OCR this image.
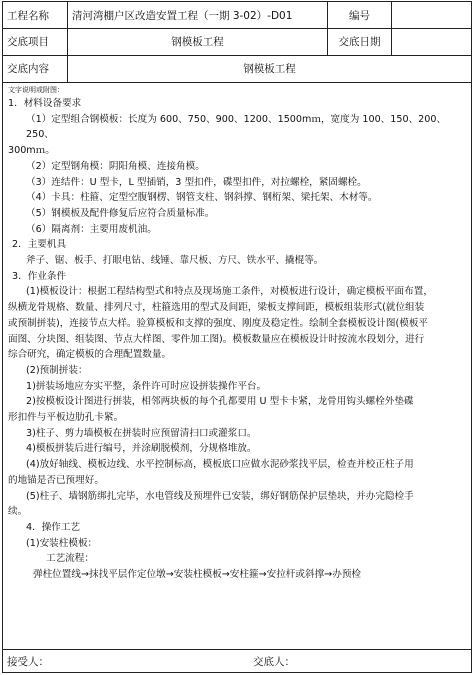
工程名称	清河湾棚户区改造安置工程（一期 3-02）-D01	编号
交底项目	钢模板工程	交底日期
交底内容	钢模板工程
文字说明或附图：

1．材料设备要求

（1）定型组合钢模板：长度为 600、750、900、1200、1500mｍ，宽度为 100、150、200、250、

300mｍ。

（2）定型钢角模：阴阳角模、连接角模。

（3）连结件：U 型卡，L 型插销，3 型扣件，碟型扣件，对拉螺栓，紧固螺栓。

（4）卡具：柱箍、定型空腹钢楞、钢管支柱、钢斜撑、钢桁架、梁托架、木材等。

（5）钢模板及配件修复后应符合质量标准。

（6）隔离剂：主要用废机油。

2．主要机具

斧子、锯、板手、打眼电钻、线锤、靠尺板、方尺、铁水平、撬棍等。

3．作业条件

(1)模板设计：根据工程结构型式和特点及现场施工条件，对模板进行设计，确定模板平面布置，

纵横龙骨规格、数量、排列尺寸，柱箍选用的型式及间距，梁板支撑间距，模板组装形式(就位组装

或预制拼装)，连接节点大样。验算模板和支撑的强度、刚度及稳定性。绘制全套模板设计图(模板平

面图、分块图、组装图、节点大样图、零件加工图)。模板数量应在模板设计时按流水段划分，进行

综合研究，确定模板的合理配置数量。

(2)预制拼装：

1)拼装场地应夯实平整，条件许可时应设拼装操作平台。

2)按模板设计图进行拼装，相邻两块板的每个孔都要用 U 型卡卡紧，龙骨用钩头螺栓外垫碟

形扣件与平板边肋孔卡紧。

3)柱子、剪力墙模板在拼装时应预留清扫口或灌浆口。

4)模板拼装后进行编号，并涂刷脱模剂，分规格堆放。

(4)放好轴线、模板边线、水平控制标高，模板底口应做水泥砂浆找平层，检查并校正柱子用

的地锚是否已预埋好。

(5)柱子、墙钢筋绑扎完毕，水电管线及预埋件已安装，绑好钢筋保护层垫块，并办完隐检手

续。

4．操作工艺

(1)安装柱模板：

工艺流程：

弹柱位置线→抹找平层作定位墩→安装柱模板→安柱箍→安拉杆或斜撑→办预检

接受人：	交底人：
